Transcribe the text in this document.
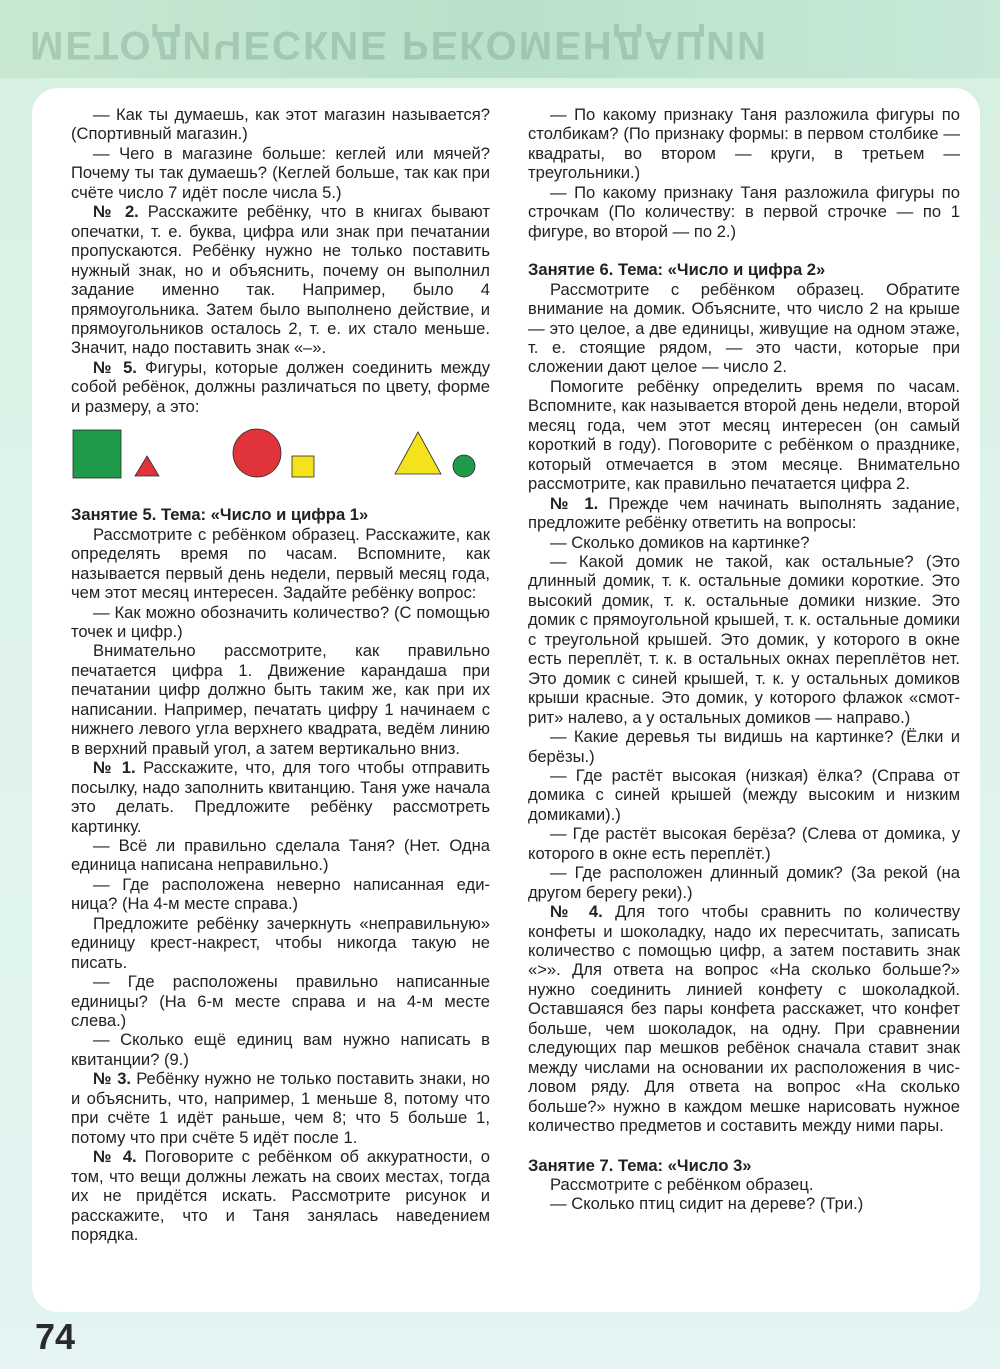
МЕТОДИЧЕСКИЕ РЕКОМЕНДАЦИИ

— Как ты думаешь, как этот магазин называется? (Спортивный магазин.)

— Чего в магазине больше: кеглей или мячей? Почему ты так думаешь? (Кеглей больше, так как при счёте число 7 идёт после числа 5.)

№ 2. Расскажите ребёнку, что в книгах бывают опечатки, т. е. буква, цифра или знак при печатании пропускаются. Ребёнку нужно не только поставить нужный знак, но и объяснить, почему он выполнил задание именно так. Например, было 4 прямоугольника. Затем было выполнено действие, и прямоугольников осталось 2, т. е. их стало меньше. Значит, надо поставить знак «–».

№ 5. Фигуры, которые должен соединить между собой ребёнок, должны различаться по цвету, форме и размеру, а это:

Занятие 5. Тема: «Число и цифра 1»

Рассмотрите с ребёнком образец. Расскажите, как определять время по часам. Вспомните, как называется первый день недели, первый месяц года, чем этот месяц интересен. Задайте ребёнку вопрос:

— Как можно обозначить количество? (С помощью точек и цифр.)

Внимательно рассмотрите, как правильно печатается цифра 1. Движение карандаша при печатании цифр должно быть таким же, как при их написании. Например, печатать цифру 1 начинаем с нижнего левого угла верхнего квадрата, ведём линию в верхний правый угол, а затем вертикально вниз.

№ 1. Расскажите, что, для того чтобы отправить посылку, надо заполнить квитанцию. Таня уже начала это делать. Предложите ребёнку рассмотреть картинку.

— Всё ли правильно сделала Таня? (Нет. Одна единица написана неправильно.)

— Где расположена неверно написанная единица? (На 4-м месте справа.)

Предложите ребёнку зачеркнуть «неправильную» единицу крест-накрест, чтобы никогда такую не писать.

— Где расположены правильно написанные единицы? (На 6-м месте справа и на 4-м месте слева.)

— Сколько ещё единиц вам нужно написать в квитанции? (9.)

№ 3. Ребёнку нужно не только поставить знаки, но и объяснить, что, например, 1 меньше 8, потому что при счёте 1 идёт раньше, чем 8; что 5 больше 1, потому что при счёте 5 идёт после 1.

№ 4. Поговорите с ребёнком об аккуратности, о том, что вещи должны лежать на своих местах, тогда их не придётся искать. Рассмотрите рисунок и расскажите, что и Таня занялась наведением порядка.

— По какому признаку Таня разложила фигуры по столбикам? (По признаку формы: в первом столбике — квадраты, во втором — круги, в третьем — треугольники.)

— По какому признаку Таня разложила фигуры по строчкам (По количеству: в первой строчке — по 1 фигуре, во второй — по 2.)

Занятие 6. Тема: «Число и цифра 2»

Рассмотрите с ребёнком образец. Обратите внимание на домик. Объясните, что число 2 на крыше — это целое, а две единицы, живущие на одном этаже, т. е. стоящие рядом, — это части, которые при сложении дают целое — число 2.

Помогите ребёнку определить время по часам. Вспомните, как называется второй день недели, второй месяц года, чем этот месяц интересен (он самый короткий в году). Поговорите с ребёнком о празднике, который отмечается в этом месяце. Внимательно рассмотрите, как правильно печатается цифра 2.

№ 1. Прежде чем начинать выполнять задание, предложите ребёнку ответить на вопросы:

— Сколько домиков на картинке?

— Какой домик не такой, как остальные? (Это длинный домик, т. к. остальные домики короткие. Это высокий домик, т. к. остальные домики низкие. Это домик с прямоугольной крышей, т. к. остальные домики с треугольной крышей. Это домик, у которого в окне есть переплёт, т. к. в остальных окнах переплётов нет. Это домик с синей крышей, т. к. у остальных домиков крыши красные. Это домик, у которого флажок «смотрит» налево, а у остальных домиков — направо.)

— Какие деревья ты видишь на картинке? (Ёлки и берёзы.)

— Где растёт высокая (низкая) ёлка? (Справа от домика с синей крышей (между высоким и низким домиками).)

— Где растёт высокая берёза? (Слева от домика, у которого в окне есть переплёт.)

— Где расположен длинный домик? (За рекой (на другом берегу реки).)

№ 4. Для того чтобы сравнить по количеству конфеты и шоколадку, надо их пересчитать, записать количество с помощью цифр, а затем поставить знак «>». Для ответа на вопрос «На сколько больше?» нужно соединить линией конфету с шоколадкой. Оставшаяся без пары конфета расскажет, что конфет больше, чем шоколадок, на одну. При сравнении следующих пар мешков ребёнок сначала ставит знак между числами на основании их расположения в числовом ряду. Для ответа на вопрос «На сколько больше?» нужно в каждом мешке нарисовать нужное количество предметов и составить между ними пары.

Занятие 7. Тема: «Число 3»

Рассмотрите с ребёнком образец.

— Сколько птиц сидит на дереве? (Три.)

74
